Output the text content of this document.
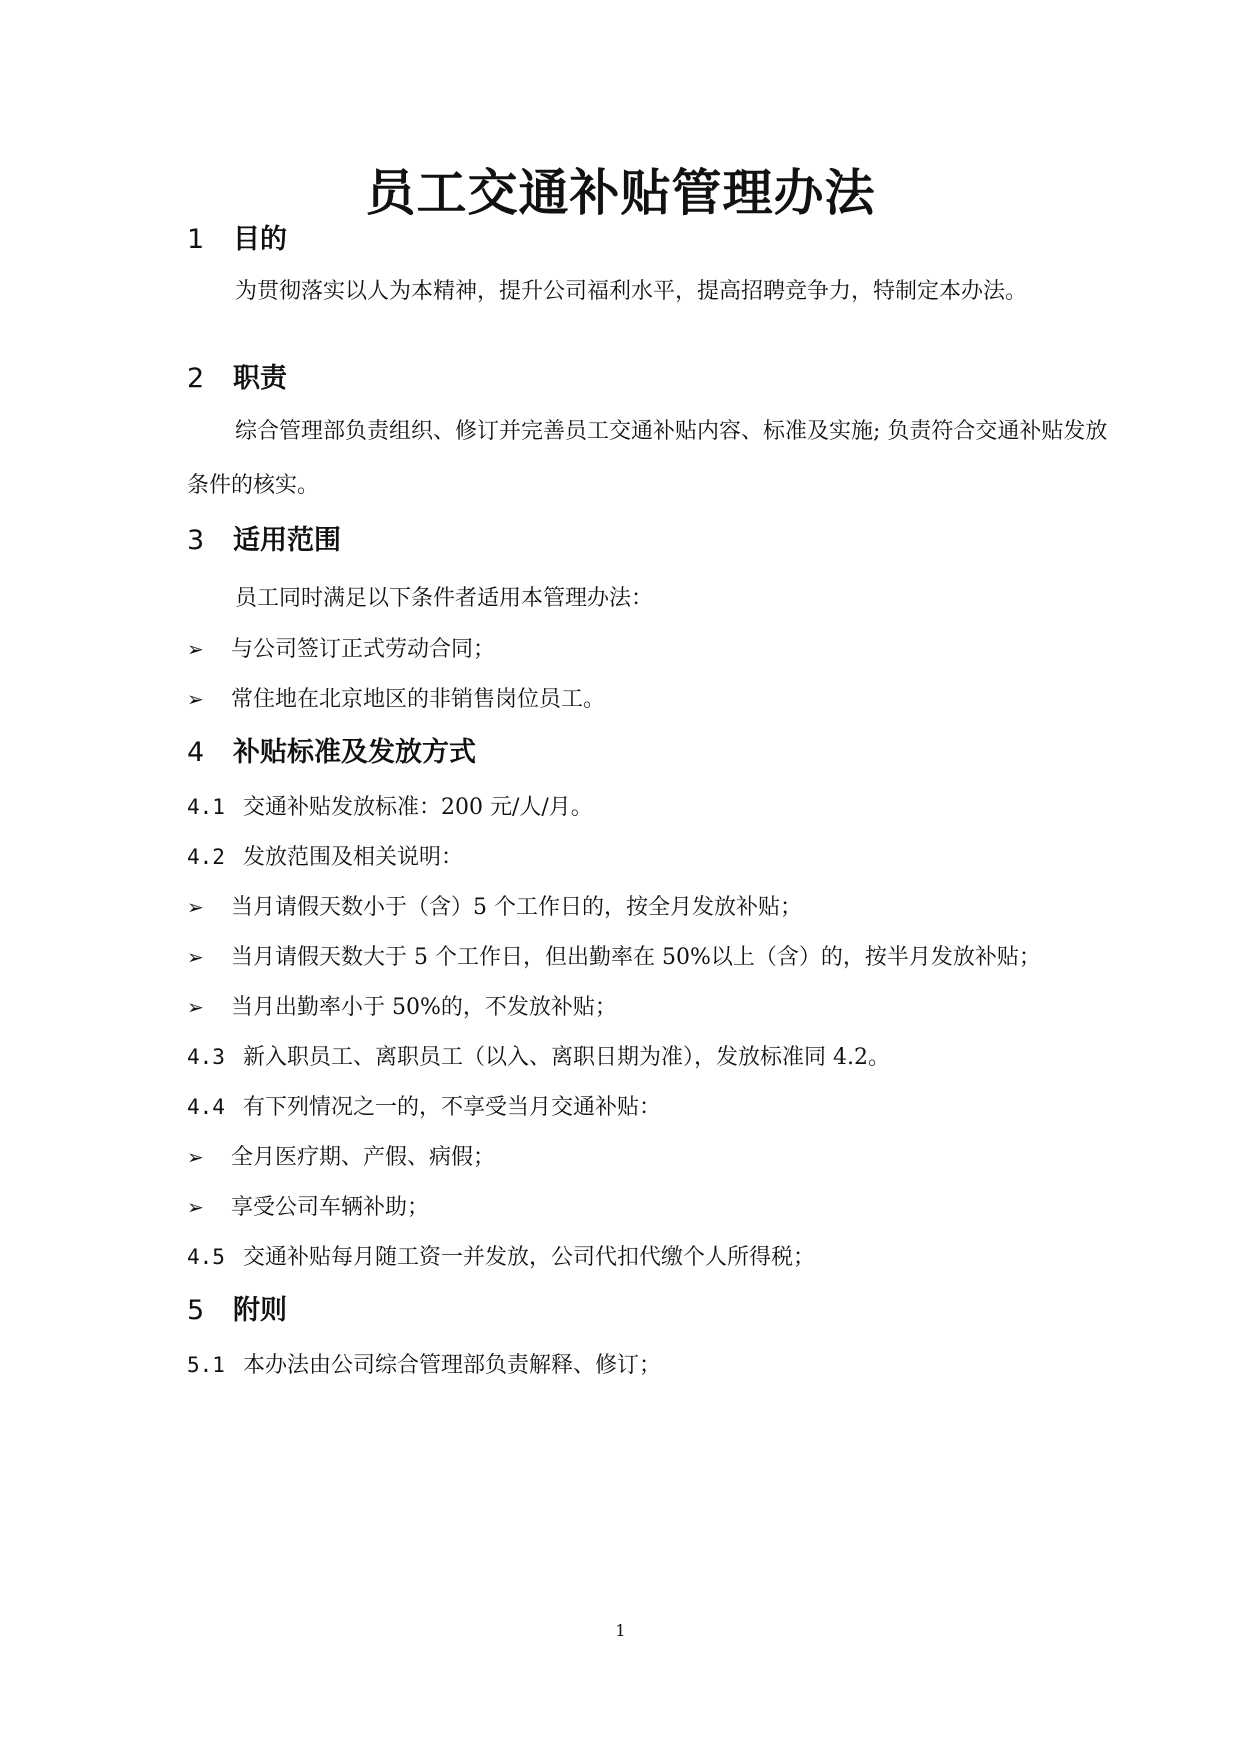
员工交通补贴管理办法
1 目的

为贯彻落实以人为本精神，提升公司福利水平，提高招聘竞争力，特制定本办法。

2 职责

综合管理部负责组织、修订并完善员工交通补贴内容、标准及实施; 负责符合交通补贴发放条件的核实。

3 适用范围

员工同时满足以下条件者适用本管理办法：

➢ 与公司签订正式劳动合同；
➢ 常住地在北京地区的非销售岗位员工。
4 补贴标准及发放方式
4.1 交通补贴发放标准：200 元/人/月。
4.2 发放范围及相关说明：
➢ 当月请假天数小于（含）5 个工作日的，按全月发放补贴；
➢ 当月请假天数大于 5 个工作日，但出勤率在 50%以上（含）的，按半月发放补贴；
➢ 当月出勤率小于 50%的，不发放补贴；
4.3 新入职员工、离职员工（以入、离职日期为准），发放标准同 4.2。
4.4 有下列情况之一的，不享受当月交通补贴：
➢ 全月医疗期、产假、病假；
➢ 享受公司车辆补助；
4.5 交通补贴每月随工资一并发放，公司代扣代缴个人所得税；
5 附则
5.1 本办法由公司综合管理部负责解释、修订；
1
